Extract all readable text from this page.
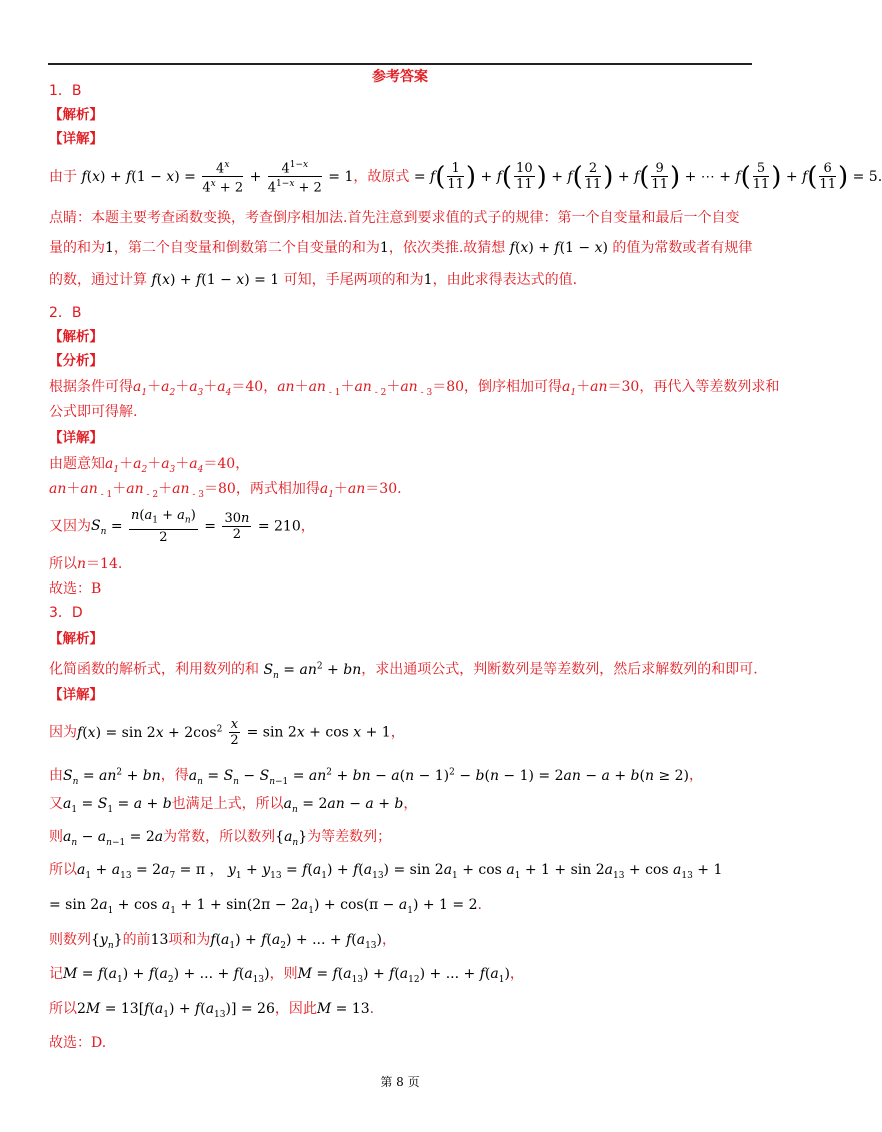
参考答案
1．B
【解析】
【详解】
由于 $f(x) + f(1 - x) = \frac{4^x}{4^x + 2} + \frac{4^{1-x}}{4^{1-x} + 2} = 1$，故原式 = $f( \frac{1}{11}$ ) + $f( \frac{10}{11}$ ) + $f( \frac{2}{11}$ ) + $f( \frac{9}{11}$ ) + ⋯ + $f( \frac{5}{11}$ ) + $f( \frac{6}{11}$ ) = 5.
点睛：本题主要考查函数变换，考查倒序相加法.首先注意到要求值的式子的规律：第一个自变量和最后一个自变
量的和为1，第二个自变量和倒数第二个自变量的和为1，依次类推.故猜想 f(x) + f(1 − x) 的值为常数或者有规律
的数，通过计算 f(x) + f(1 − x) = 1 可知，手尾两项的和为1，由此求得表达式的值.
2．B
【解析】
【分析】
根据条件可得$a_1+a_2+a_3+a_4=40$，an＋an $_{- 1}$＋an $_{- 2}$＋an $_{- 3}$＝80，倒序相加可得$a_1+an=30$，再代入等差数列求和
公式即可得解.
【详解】
由题意知$a_1+a_2+a_3+a_4=40$，
an＋an $_{- 1}$＋an $_{- 2}$＋an $_{- 3}$＝80，两式相加得$a_1+an=30$.
又因为$S_n = \frac{n(a_1 + a_n)}{2} = \frac{30n}{2} = 210$，
所以n＝14.
故选：B
3．D
【解析】
化简函数的解析式，利用数列的和 $S_n = an^2$ + bn，求出通项公式，判断数列是等差数列，然后求解数列的和即可.
【详解】
因为$f(x) = \sin 2x + 2\cos^2 \frac{x}{2} = \sin 2x + \cos x + 1$，
由$S_n = an^2$ + bn，得$a_n = S_n - S_{n-1} = an^2$ + bn − $a(n - 1)^2 - b(n - 1) = 2an - a + b(n \ge 2)$，
又$a_1 = S_1 = a + b$也满足上式，所以$a_n = 2an - a + b$，
则$a_n - a_{n-1} = 2a$为常数，所以数列$\{a_n\}$为等差数列；
所以$a_1 + a_{13} = 2a_7 = \pi$ ， $y_1 + y_{13} = f(a_1) + f(a_{13}) = \sin 2a_1 + \cos a_1 + 1 + \sin 2a_{13} + \cos a_{13} + 1$
= $\sin 2a_1 + \cos a_1 + 1 + \sin(2\pi - 2a_1) + \cos(\pi - a_1) + 1 = 2$.
则数列$\{y_n\}$的前13项和为$f(a_1) + f(a_2)$ + ... + $f(a_{13})$，
记$M = f(a_1) + f(a_2)$ + ... + $f(a_{13})$，则$M = f(a_{13}) + f(a_{12})$ + ... + $f(a_1)$，
所以$2M = 13[f(a_1) + f(a_{13})] = 26$，因此M = 13.
故选：D.
第 8 页
